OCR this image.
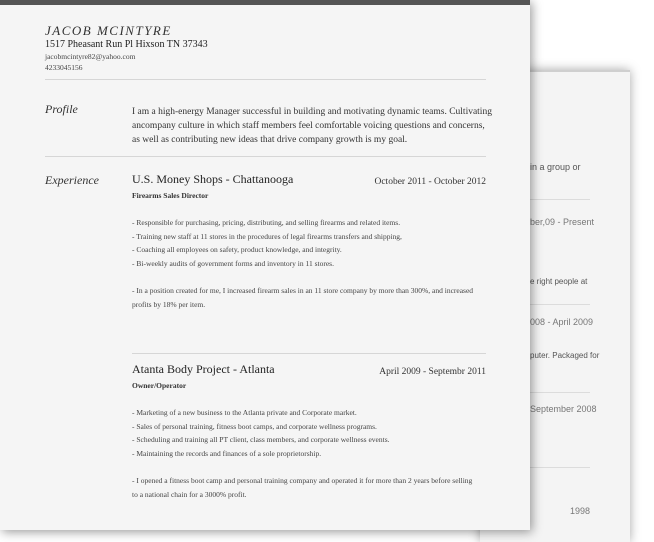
in a group or
ber,09 - Present
e right people at
008 - April 2009
puter. Packaged for
September 2008
1998
JACOB MCINTYRE
1517 Pheasant Run Pl Hixson TN 37343
jacobmcintyre82@yahoo.com
4233045156
Profile	I am a high-energy Manager successful in building and motivating dynamic teams. Cultivating ancompany culture in which staff members feel comfortable voicing questions and concerns, as well as contributing new ideas that drive company growth is my goal.
Experience	U.S. Money Shops - Chattanooga	October 2011 - October 2012
Firearms Sales Director
- Responsible for purchasing, pricing, distributing, and selling firearms and related items.
- Training new staff at 11 stores in the procedures of legal firearms transfers and shipping,
- Coaching all employees on safety, product knowledge, and integrity.
- Bi-weekly audits of government forms and inventory in 11 stores.
- In a position created for me, I increased firearm sales in an 11 store company by more than 300%, and increased profits by 18% per item.
Atanta Body Project - Atlanta	April 2009 - Septembr 2011
Owner/Operator
- Marketing of a new business to the Atlanta private and Corporate market.
- Sales of personal training, fitness boot camps, and corporate wellness programs.
- Scheduling and training all PT client, class members, and corporate wellness events.
- Maintaining the records and finances of a sole proprietorship.
- I opened a fitness boot camp and personal training company and operated it for more than 2 years before selling to a national chain for a 3000% profit.
